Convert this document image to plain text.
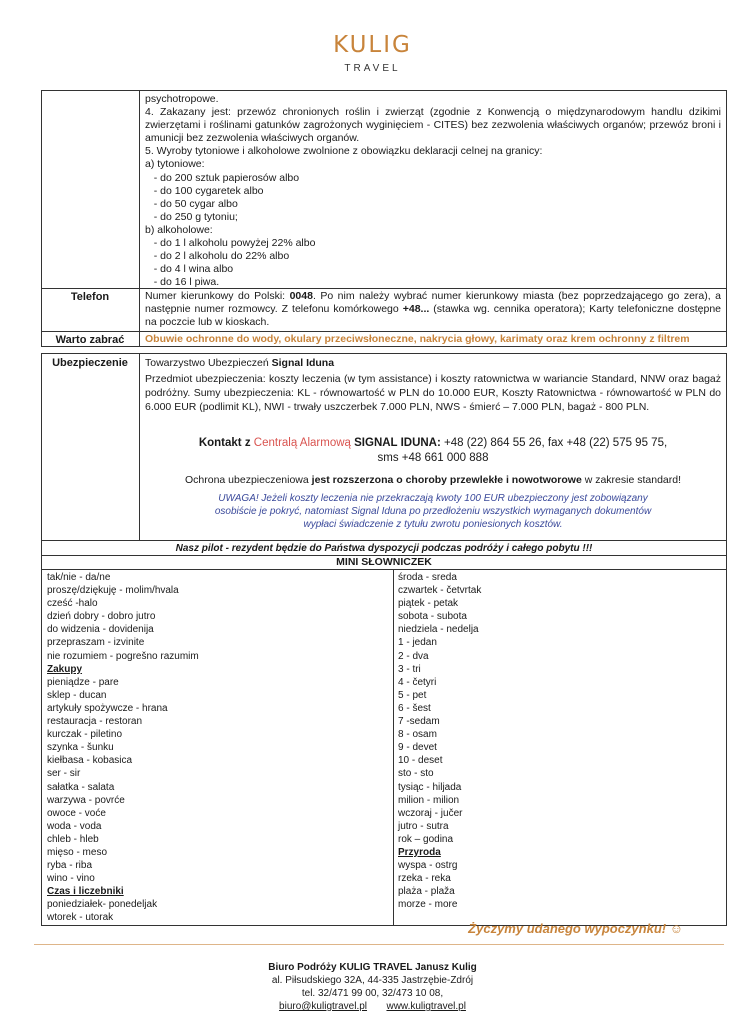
KULIG
TRAVEL
psychotropowe.
4. Zakazany jest: przewóz chronionych roślin i zwierząt (zgodnie z Konwencją o międzynarodowym handlu dzikimi zwierzętami i roślinami gatunków zagrożonych wyginięciem - CITES) bez zezwolenia właściwych organów; przewóz broni i amunicji bez zezwolenia właściwych organów.
5. Wyroby tytoniowe i alkoholowe zwolnione z obowiązku deklaracji celnej na granicy:
a) tytoniowe:
- do 200 sztuk papierosów albo
- do 100 cygaretek albo
- do 50 cygar albo
- do 250 g tytoniu;
b) alkoholowe:
- do 1 l alkoholu powyżej 22% albo
- do 2 l alkoholu do 22% albo
- do 4 l wina albo
- do 16 l piwa.
Telefon	Numer kierunkowy do Polski: 0048. Po nim należy wybrać numer kierunkowy miasta (bez poprzedzającego go zera), a następnie numer rozmowcy. Z telefonu komórkowego +48... (stawka wg. cennika operatora); Karty telefoniczne dostępne na poczcie lub w kioskach.
Warto zabrać	Obuwie ochronne do wody, okulary przeciwsłoneczne, nakrycia głowy, karimaty oraz krem ochronny z filtrem
Ubezpieczenie	Towarzystwo Ubezpieczeń Signal Iduna
Przedmiot ubezpieczenia: koszty leczenia (w tym assistance) i koszty ratownictwa w wariancie Standard, NNW oraz bagaż podróżny. Sumy ubezpieczenia: KL - równowartość w PLN do 10.000 EUR, Koszty Ratownictwa - równowartość w PLN do 6.000 EUR (podlimit KL), NWI - trwały uszczerbek 7.000 PLN, NWS - śmierć – 7.000 PLN, bagaż - 800 PLN.
Kontakt z Centralą Alarmową SIGNAL IDUNA: +48 (22) 864 55 26, fax +48 (22) 575 95 75,
sms +48 661 000 888
Ochrona ubezpieczeniowa jest rozszerzona o choroby przewlekłe i nowotworowe w zakresie standard!
UWAGA! Jeżeli koszty leczenia nie przekraczają kwoty 100 EUR ubezpieczony jest zobowiązany
osobiście je pokryć, natomiast Signal Iduna po przedłożeniu wszystkich wymaganych dokumentów
wypłaci świadczenie z tytułu zwrotu poniesionych kosztów.
Nasz pilot - rezydent będzie do Państwa dyspozycji podczas podróży i całego pobytu !!!
MINI SŁOWNICZEK
tak/nie - da/ne
proszę/dziękuję - molim/hvala
cześć -halo
dzień dobry - dobro jutro
do widzenia - dovidenija
przepraszam - izvinite
nie rozumiem - pogrešno razumim
Zakupy
pieniądze - pare
sklep - ducan
artykuły spożywcze - hrana
restauracja - restoran
kurczak - piletino
szynka - šunku
kiełbasa - kobasica
ser - sir
sałatka - salata
warzywa - povrće
owoce - voće
woda - voda
chleb - hleb
mięso - meso
ryba - riba
wino - vino
Czas i liczebniki
poniedziałek- ponedeljak
wtorek - utorak
środa - sreda
czwartek - četvrtak
piątek - petak
sobota - subota
niedziela - nedelja
1 - jedan
2 - dva
3 - tri
4 - četyri
5 - pet
6 - šest
7 -sedam
8 - osam
9 - devet
10 - deset
sto - sto
tysiąc - hiljada
milion - milion
wczoraj - jučer
jutro - sutra
rok – godina
Przyroda
wyspa - ostrg
rzeka - reka
plaża - plaža
morze - more
Życzymy udanego wypoczynku! ☺
Biuro Podróży KULIG TRAVEL Janusz Kulig
al. Piłsudskiego 32A, 44-335 Jastrzębie-Zdrój
tel. 32/471 99 00, 32/473 10 08,
biuro@kuligtravel.pl www.kuligtravel.pl
